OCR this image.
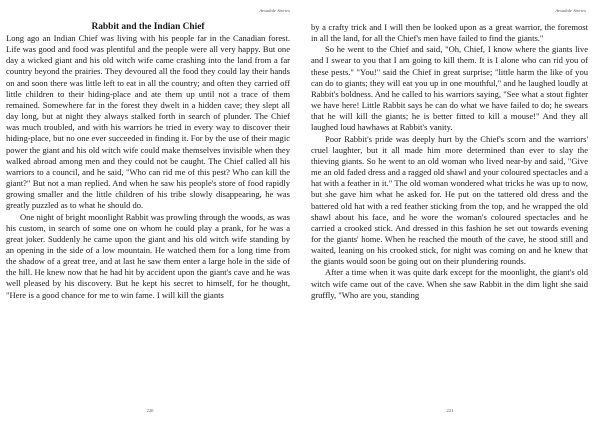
Aesadale Stories
Rabbit and the Indian Chief

Long ago an Indian Chief was living with his people far in the Canadian forest. Life was good and food was plentiful and the people were all very happy. But one day a wicked giant and his old witch wife came crashing into the land from a far country beyond the prairies. They devoured all the food they could lay their hands on and soon there was little left to eat in all the country; and often they carried off little children to their hiding-place and ate them up until not a trace of them remained. Somewhere far in the forest they dwelt in a hidden cave; they slept all day long, but at night they always stalked forth in search of plunder. The Chief was much troubled, and with his warriors he tried in every way to discover their hiding-place, but no one ever succeeded in finding it. For by the use of their magic power the giant and his old witch wife could make themselves invisible when they walked abroad among men and they could not be caught. The Chief called all his warriors to a council, and he said, "Who can rid me of this pest? Who can kill the giant?" But not a man replied. And when he saw his people's store of food rapidly growing smaller and the little children of his tribe slowly disappearing, he was greatly puzzled as to what he should do.

One night of bright moonlight Rabbit was prowling through the woods, as was his custom, in search of some one on whom he could play a prank, for he was a great joker. Suddenly he came upon the giant and his old witch wife standing by an opening in the side of a low mountain. He watched them for a long time from the shadow of a great tree, and at last he saw them enter a large hole in the side of the hill. He knew now that he had hit by accident upon the giant's cave and he was well pleased by his discovery. But he kept his secret to himself, for he thought, "Here is a good chance for me to win fame. I will kill the giants

220
Aesadale Stories

by a crafty trick and I will then be looked upon as a great warrior, the foremost in all the land, for all the Chief's men have failed to find the giants."

So he went to the Chief and said, "Oh, Chief, I know where the giants live and I swear to you that I am going to kill them. It is I alone who can rid you of these pests." "You!" said the Chief in great surprise; "little harm the like of you can do to giants; they will eat you up in one mouthful," and he laughed loudly at Rabbit's boldness. And he called to his warriors saying, "See what a stout fighter we have here! Little Rabbit says he can do what we have failed to do; he swears that he will kill the giants; he is better fitted to kill a mouse!" And they all laughed loud hawhaws at Rabbit's vanity.

Poor Rabbit's pride was deeply hurt by the Chief's scorn and the warriors' cruel laughter, but it all made him more determined than ever to slay the thieving giants. So he went to an old woman who lived near-by and said, "Give me an old faded dress and a ragged old shawl and your coloured spectacles and a hat with a feather in it." The old woman wondered what tricks he was up to now, but she gave him what he asked for. He put on the tattered old dress and the battered old hat with a red feather sticking from the top, and he wrapped the old shawl about his face, and he wore the woman's coloured spectacles and he carried a crooked stick. And dressed in this fashion he set out towards evening for the giants' home. When he reached the mouth of the cave, he stood still and waited, leaning on his crooked stick, for night was coming on and he knew that the giants would soon be going out on their plundering rounds.

After a time when it was quite dark except for the moonlight, the giant's old witch wife came out of the cave. When she saw Rabbit in the dim light she said gruffly, "Who are you, standing

221
